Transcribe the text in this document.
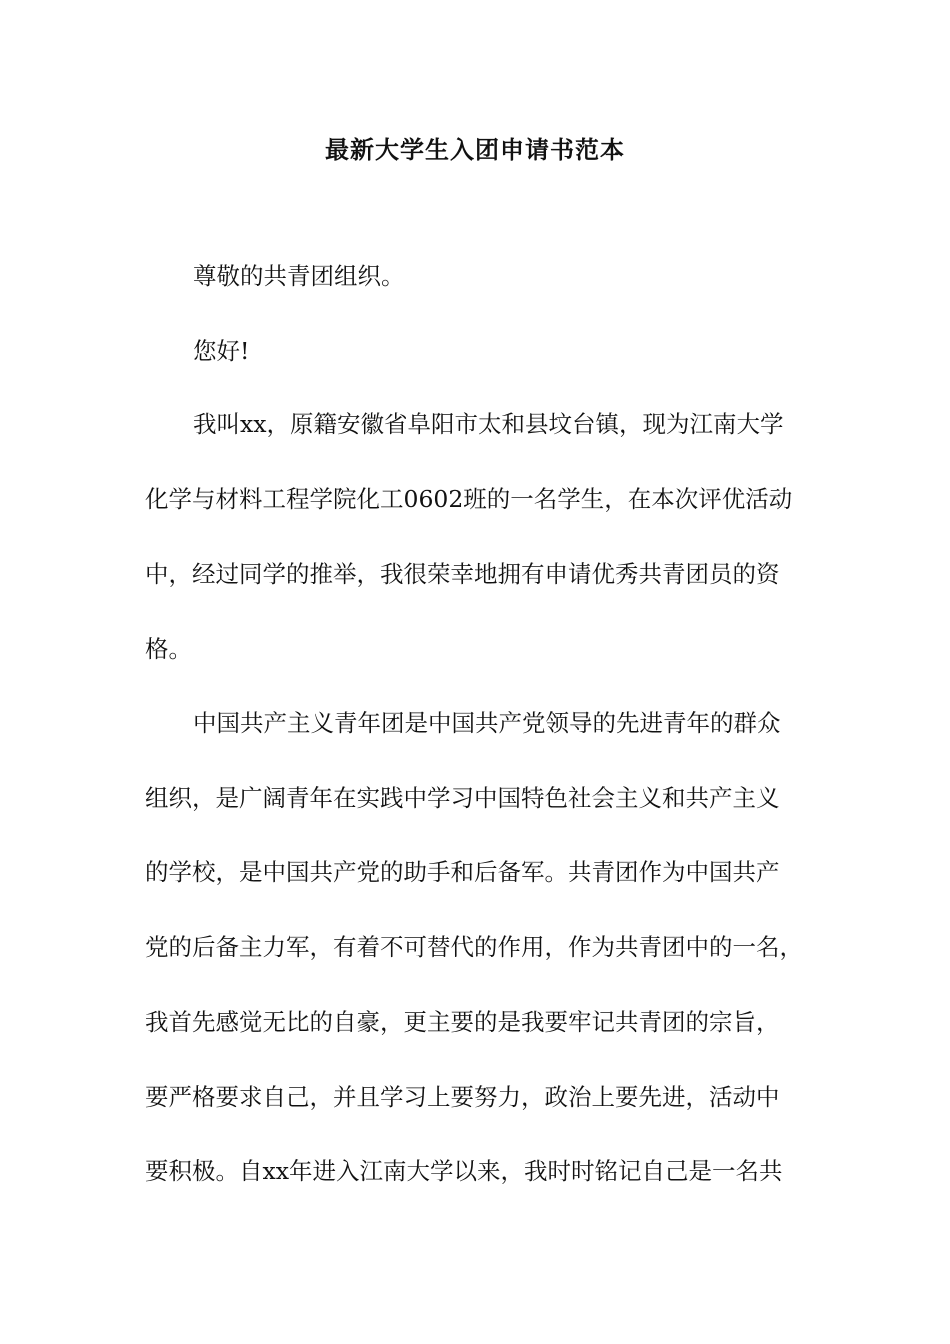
最新大学生入团申请书范本
尊敬的共青团组织。
您好!
我叫xx，原籍安徽省阜阳市太和县坟台镇，现为江南大学
化学与材料工程学院化工0602班的一名学生，在本次评优活动
中，经过同学的推举，我很荣幸地拥有申请优秀共青团员的资
格。
中国共产主义青年团是中国共产党领导的先进青年的群众
组织，是广阔青年在实践中学习中国特色社会主义和共产主义
的学校，是中国共产党的助手和后备军。共青团作为中国共产
党的后备主力军，有着不可替代的作用，作为共青团中的一名，
我首先感觉无比的自豪，更主要的是我要牢记共青团的宗旨，
要严格要求自己，并且学习上要努力，政治上要先进，活动中
要积极。自xx年进入江南大学以来，我时时铭记自己是一名共
